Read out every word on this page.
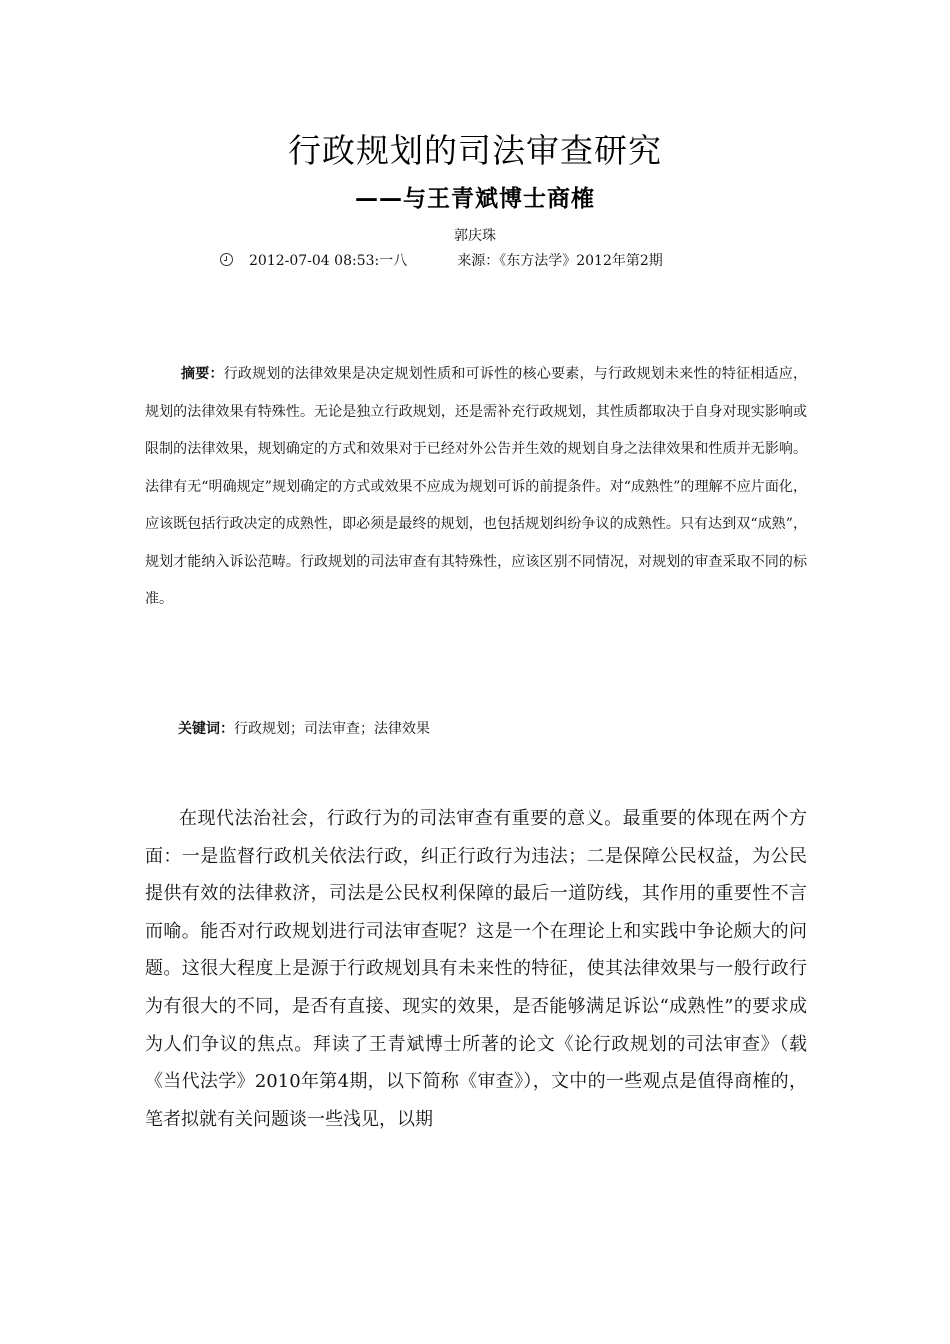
行政规划的司法审查研究
——与王青斌博士商榷
郭庆珠
2012-07-04 08:53:一八	来源：《东方法学》2012年第2期
摘要：行政规划的法律效果是决定规划性质和可诉性的核心要素，与行政规划未来性的特征相适应，规划的法律效果有特殊性。无论是独立行政规划，还是需补充行政规划，其性质都取决于自身对现实影响或限制的法律效果，规划确定的方式和效果对于已经对外公告并生效的规划自身之法律效果和性质并无影响。法律有无“明确规定”规划确定的方式或效果不应成为规划可诉的前提条件。对“成熟性”的理解不应片面化，应该既包括行政决定的成熟性，即必须是最终的规划，也包括规划纠纷争议的成熟性。只有达到双“成熟”，规划才能纳入诉讼范畴。行政规划的司法审查有其特殊性，应该区别不同情况，对规划的审查采取不同的标准。
关键词：行政规划；司法审查；法律效果
在现代法治社会，行政行为的司法审查有重要的意义。最重要的体现在两个方面：一是监督行政机关依法行政，纠正行政行为违法；二是保障公民权益，为公民提供有效的法律救济，司法是公民权利保障的最后一道防线，其作用的重要性不言而喻。能否对行政规划进行司法审查呢？这是一个在理论上和实践中争论颇大的问题。这很大程度上是源于行政规划具有未来性的特征，使其法律效果与一般行政行为有很大的不同，是否有直接、现实的效果，是否能够满足诉讼“成熟性”的要求成为人们争议的焦点。拜读了王青斌博士所著的论文《论行政规划的司法审查》（载《当代法学》2010年第4期，以下简称《审查》），文中的一些观点是值得商榷的，笔者拟就有关问题谈一些浅见，以期
